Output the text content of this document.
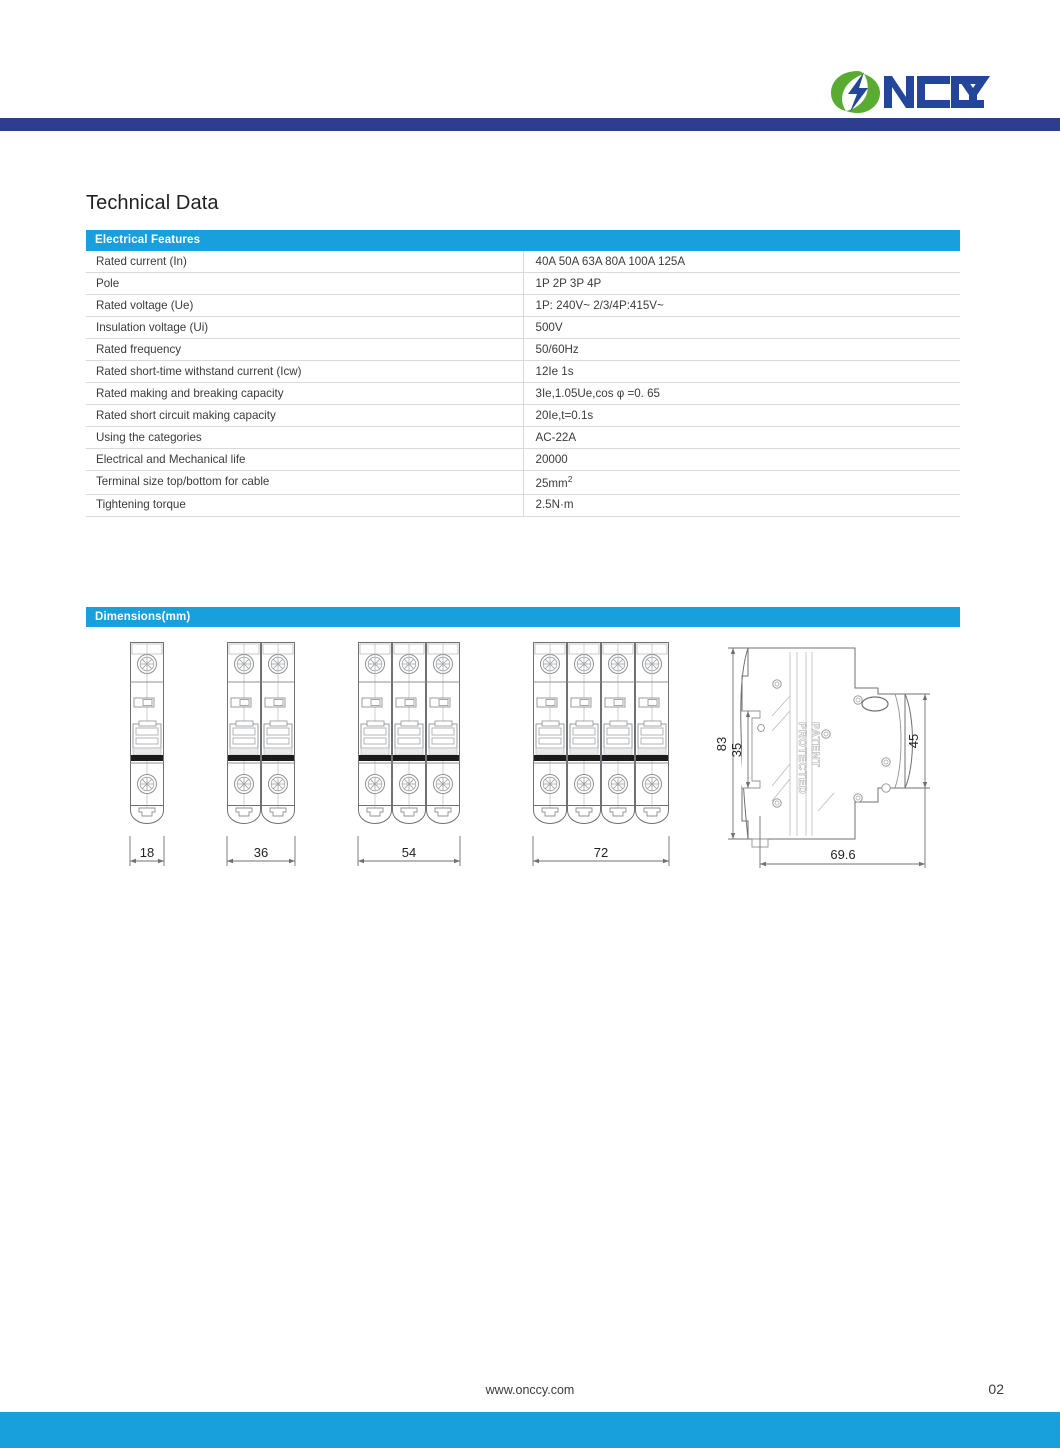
Technical Data
Electrical Features	
Rated current (In)	40A 50A 63A 80A 100A 125A
Pole	1P 2P 3P 4P
Rated voltage (Ue)	1P: 240V~ 2/3/4P:415V~
Insulation voltage (Ui)	500V
Rated frequency	50/60Hz
Rated short-time withstand current (Icw)	12Ie 1s
Rated making and breaking capacity	3Ie,1.05Ue,cos φ =0. 65
Rated short circuit making capacity	20Ie,t=0.1s
Using the categories	AC-22A
Electrical and Mechanical life	20000
Terminal size top/bottom for cable	$25mm^2$
Tightening torque	2.5N·m
Dimensions(mm)
18	36	54	72
PATENT
PROTECTED
83 35
45
69.6
www.onccy.com	02
